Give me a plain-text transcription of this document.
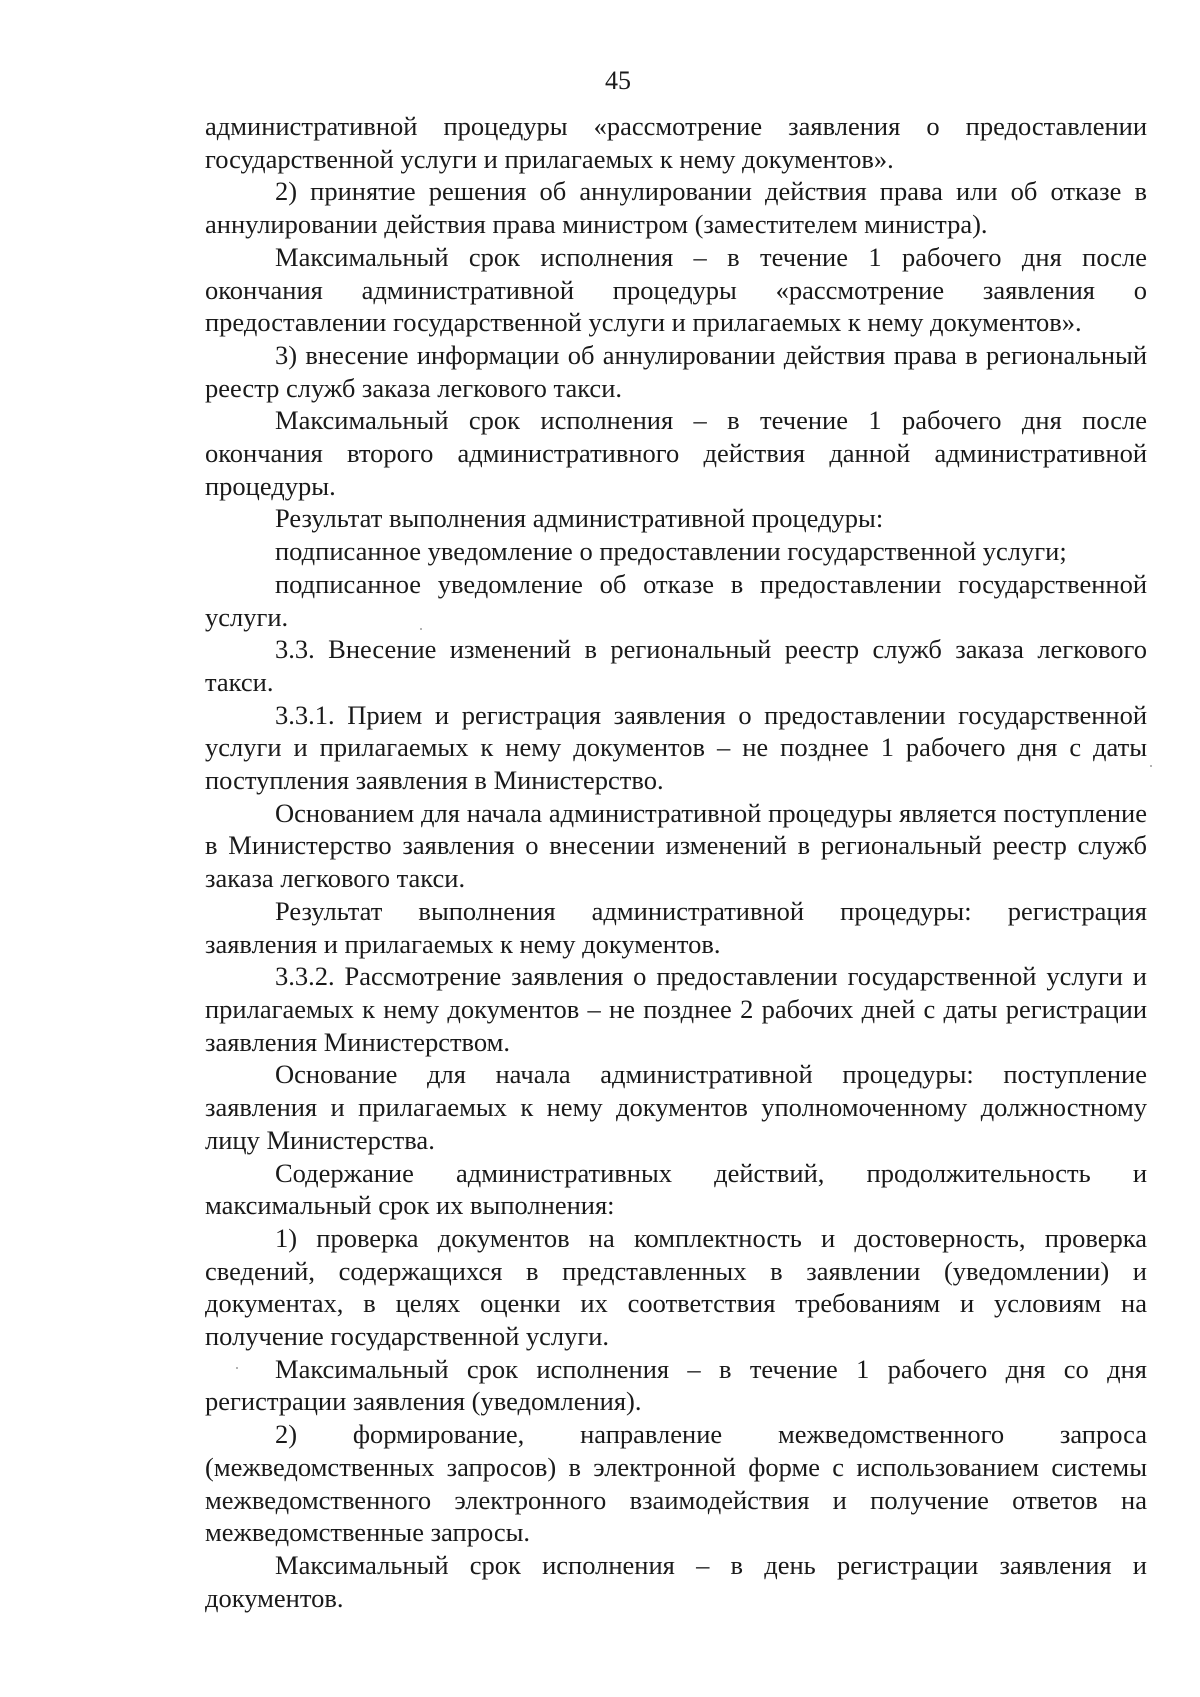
45

административной процедуры «рассмотрение заявления о предоставлении государственной услуги и прилагаемых к нему документов».

2) принятие решения об аннулировании действия права или об отказе в аннулировании действия права министром (заместителем министра).

Максимальный срок исполнения – в течение 1 рабочего дня после окончания административной процедуры «рассмотрение заявления о предоставлении государственной услуги и прилагаемых к нему документов».

3) внесение информации об аннулировании действия права в региональный реестр служб заказа легкового такси.

Максимальный срок исполнения – в течение 1 рабочего дня после окончания второго административного действия данной административной процедуры.

Результат выполнения административной процедуры:

подписанное уведомление о предоставлении государственной услуги;

подписанное уведомление об отказе в предоставлении государственной услуги.

3.3. Внесение изменений в региональный реестр служб заказа легкового такси.

3.3.1. Прием и регистрация заявления о предоставлении государственной услуги и прилагаемых к нему документов – не позднее 1 рабочего дня с даты поступления заявления в Министерство.

Основанием для начала административной процедуры является поступление в Министерство заявления о внесении изменений в региональный реестр служб заказа легкового такси.

Результат выполнения административной процедуры: регистрация заявления и прилагаемых к нему документов.

3.3.2. Рассмотрение заявления о предоставлении государственной услуги и прилагаемых к нему документов – не позднее 2 рабочих дней с даты регистрации заявления Министерством.

Основание для начала административной процедуры: поступление заявления и прилагаемых к нему документов уполномоченному должностному лицу Министерства.

Содержание административных действий, продолжительность и максимальный срок их выполнения:

1) проверка документов на комплектность и достоверность, проверка сведений, содержащихся в представленных в заявлении (уведомлении) и документах, в целях оценки их соответствия требованиям и условиям на получение государственной услуги.

Максимальный срок исполнения – в течение 1 рабочего дня со дня регистрации заявления (уведомления).

2) формирование, направление межведомственного запроса (межведомственных запросов) в электронной форме с использованием системы межведомственного электронного взаимодействия и получение ответов на межведомственные запросы.

Максимальный срок исполнения – в день регистрации заявления и документов.
